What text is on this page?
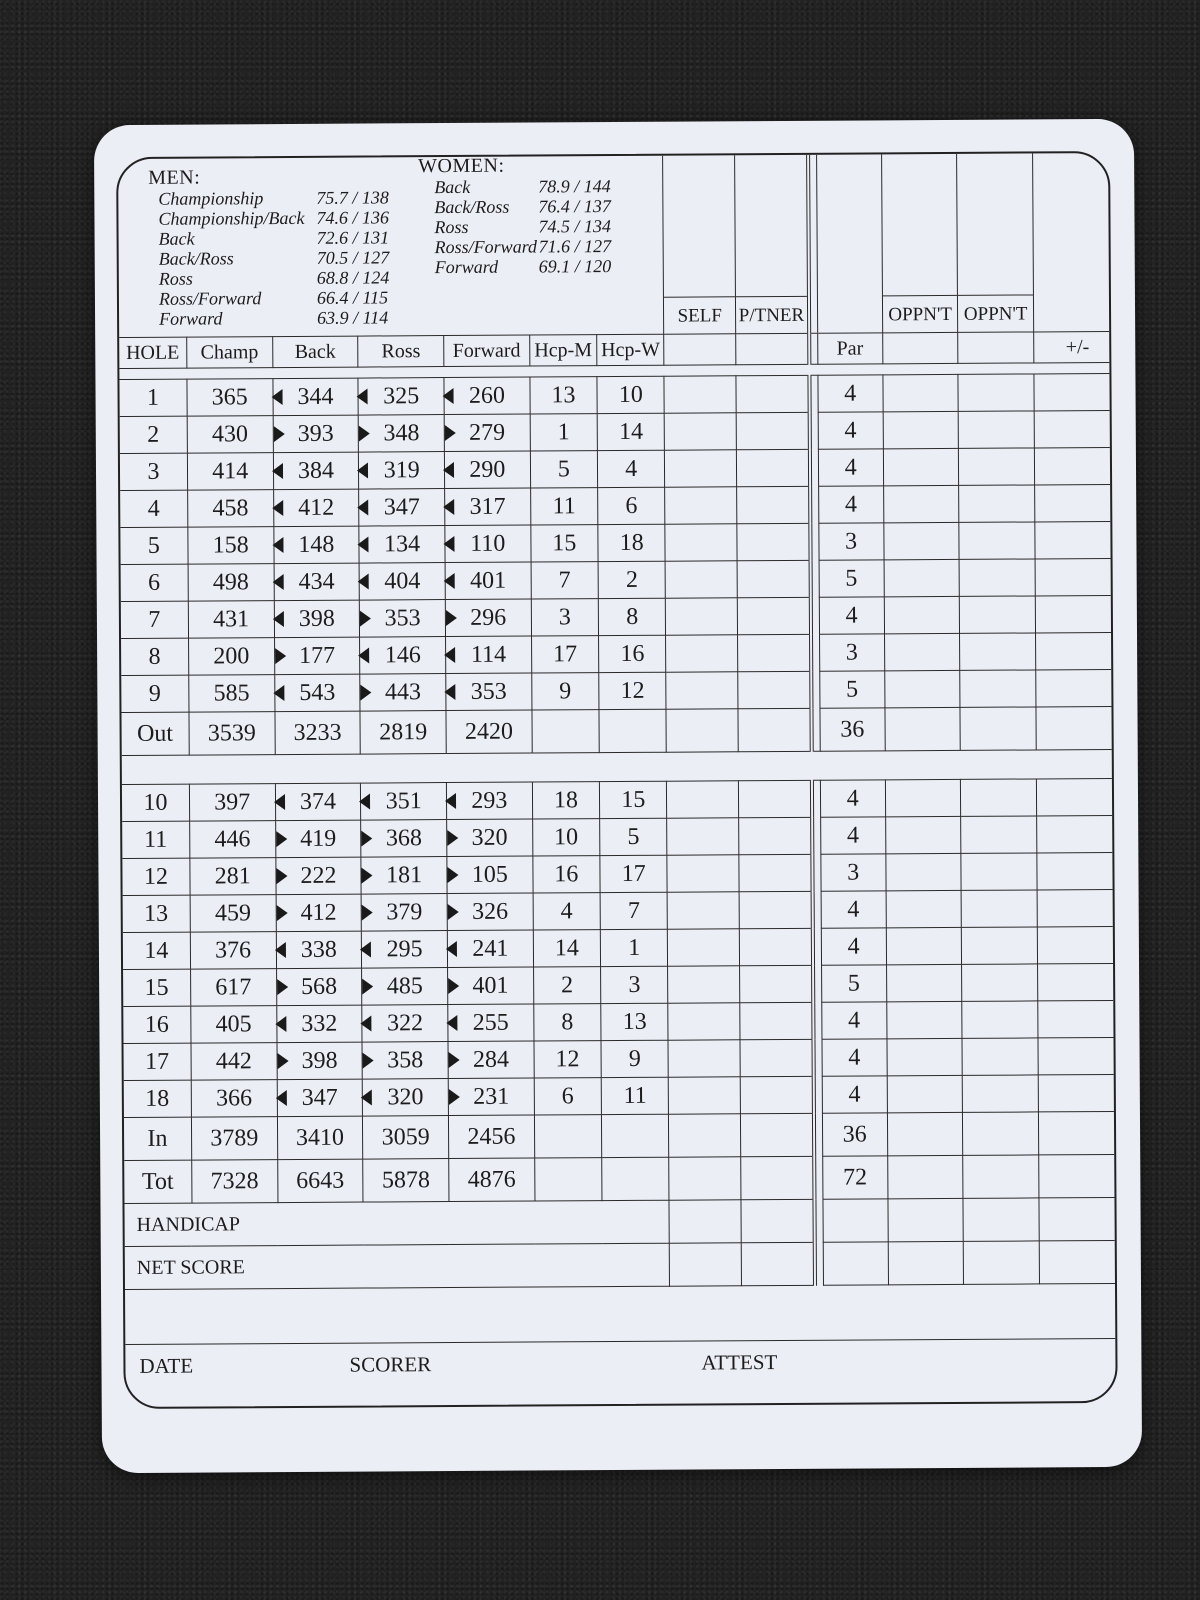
SELF	P/TNER			OPPN'T	OPPN'T	

HOLE	Champ	Back	Ross	Forward	Hcp-M	Hcp-W				Par			+/-

1	365	344	325	260	13	10				4			
2	430	393	348	279	1	14				4			
3	414	384	319	290	5	4				4			
4	458	412	347	317	11	6				4			
5	158	148	134	110	15	18				3			
6	498	434	404	401	7	2				5			
7	431	398	353	296	3	8				4			
8	200	177	146	114	17	16				3			
9	585	543	443	353	9	12				5			
Out	3539	3233	2819	2420						36			

10	397	374	351	293	18	15				4			
11	446	419	368	320	10	5				4			
12	281	222	181	105	16	17				3			
13	459	412	379	326	4	7				4			
14	376	338	295	241	14	1				4			
15	617	568	485	401	2	3				5			
16	405	332	322	255	8	13				4			
17	442	398	358	284	12	9				4			
18	366	347	320	231	6	11				4			
In	3789	3410	3059	2456						36			
Tot	7328	6643	5878	4876						72			
HANDICAP													
NET SCORE													
MEN:
WOMEN:
Championship	75.7 / 138
Championship/Back 74.6 / 136
Back	72.6 / 131
Back/Ross	70.5 / 127
Ross	68.8 / 124
Ross/Forward	66.4 / 115
Forward	63.9 / 114
Back	78.9 / 144
Back/Ross 76.4 / 137
Ross	74.5 / 134
Ross/Forward 71.6 / 127
Forward 69.1 / 120
DATE	SCORER	ATTEST
